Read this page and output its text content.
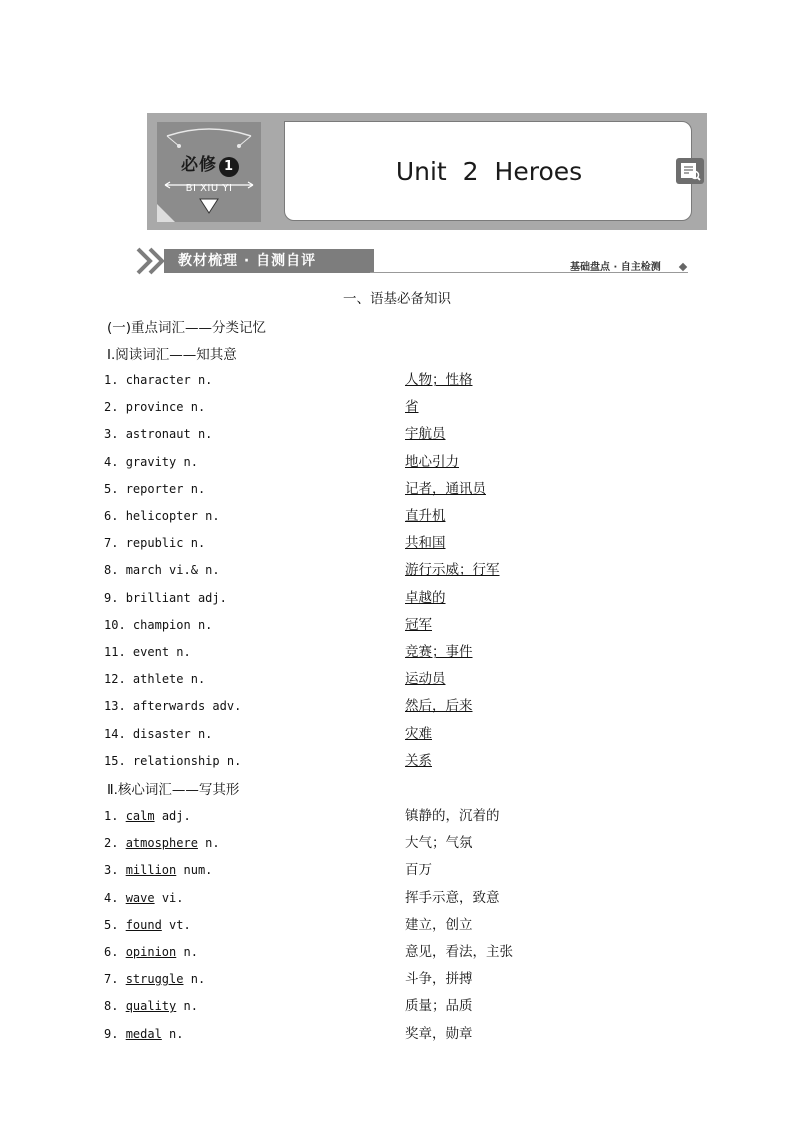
必修 1
BI XIU YI
Unit 2 Heroes
教材梳理 · 自测自评	基础盘点 · 自主检测
一、语基必备知识
(一)重点词汇——分类记忆
Ⅰ.阅读词汇——知其意
1. character n.	人物；性格
2. province n.	省
3. astronaut n.	宇航员
4. gravity n.	地心引力
5. reporter n.	记者，通讯员
6. helicopter n.	直升机
7. republic n.	共和国
8. march vi.& n.	游行示威；行军
9. brilliant adj.	卓越的
10. champion n.	冠军
11. event n.	竞赛；事件
12. athlete n.	运动员
13. afterwards adv.	然后，后来
14. disaster n.	灾难
15. relationship n.	关系
Ⅱ.核心词汇——写其形
1. calm adj.	镇静的，沉着的
2. atmosphere n.	大气；气氛
3. million num.	百万
4. wave vi.	挥手示意，致意
5. found vt.	建立，创立
6. opinion n.	意见，看法，主张
7. struggle n.	斗争，拼搏
8. quality n.	质量；品质
9. medal n.	奖章，勋章
